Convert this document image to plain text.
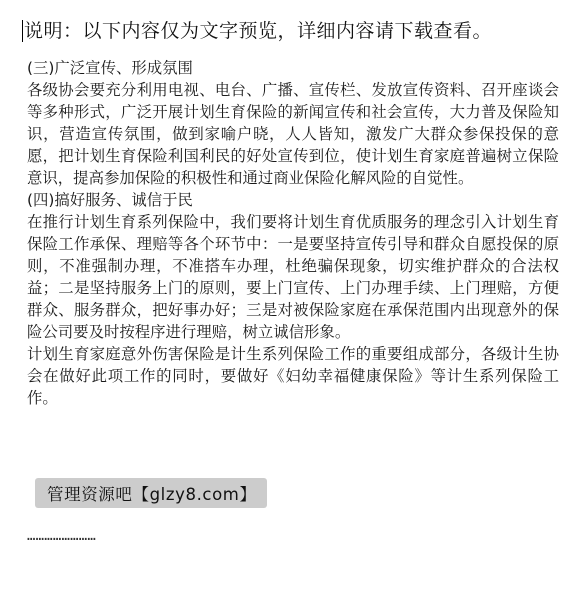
说明：以下内容仅为文字预览，详细内容请下载查看。

(三)广泛宣传、形成氛围

各级协会要充分利用电视、电台、广播、宣传栏、发放宣传资料、召开座谈会等多种形式，广泛开展计划生育保险的新闻宣传和社会宣传，大力普及保险知识，营造宣传氛围，做到家喻户晓，人人皆知，激发广大群众参保投保的意愿，把计划生育保险利国利民的好处宣传到位，使计划生育家庭普遍树立保险意识，提高参加保险的积极性和通过商业保险化解风险的自觉性。

(四)搞好服务、诚信于民

在推行计划生育系列保险中，我们要将计划生育优质服务的理念引入计划生育保险工作承保、理赔等各个环节中：一是要坚持宣传引导和群众自愿投保的原则，不准强制办理，不准搭车办理，杜绝骗保现象，切实维护群众的合法权益；二是坚持服务上门的原则，要上门宣传、上门办理手续、上门理赔，方便群众、服务群众，把好事办好；三是对被保险家庭在承保范围内出现意外的保险公司要及时按程序进行理赔，树立诚信形象。

计划生育家庭意外伤害保险是计生系列保险工作的重要组成部分，各级计生协会在做好此项工作的同时，要做好《妇幼幸福健康保险》等计生系列保险工作。

……………………
管理资源吧【glzy8.com】
